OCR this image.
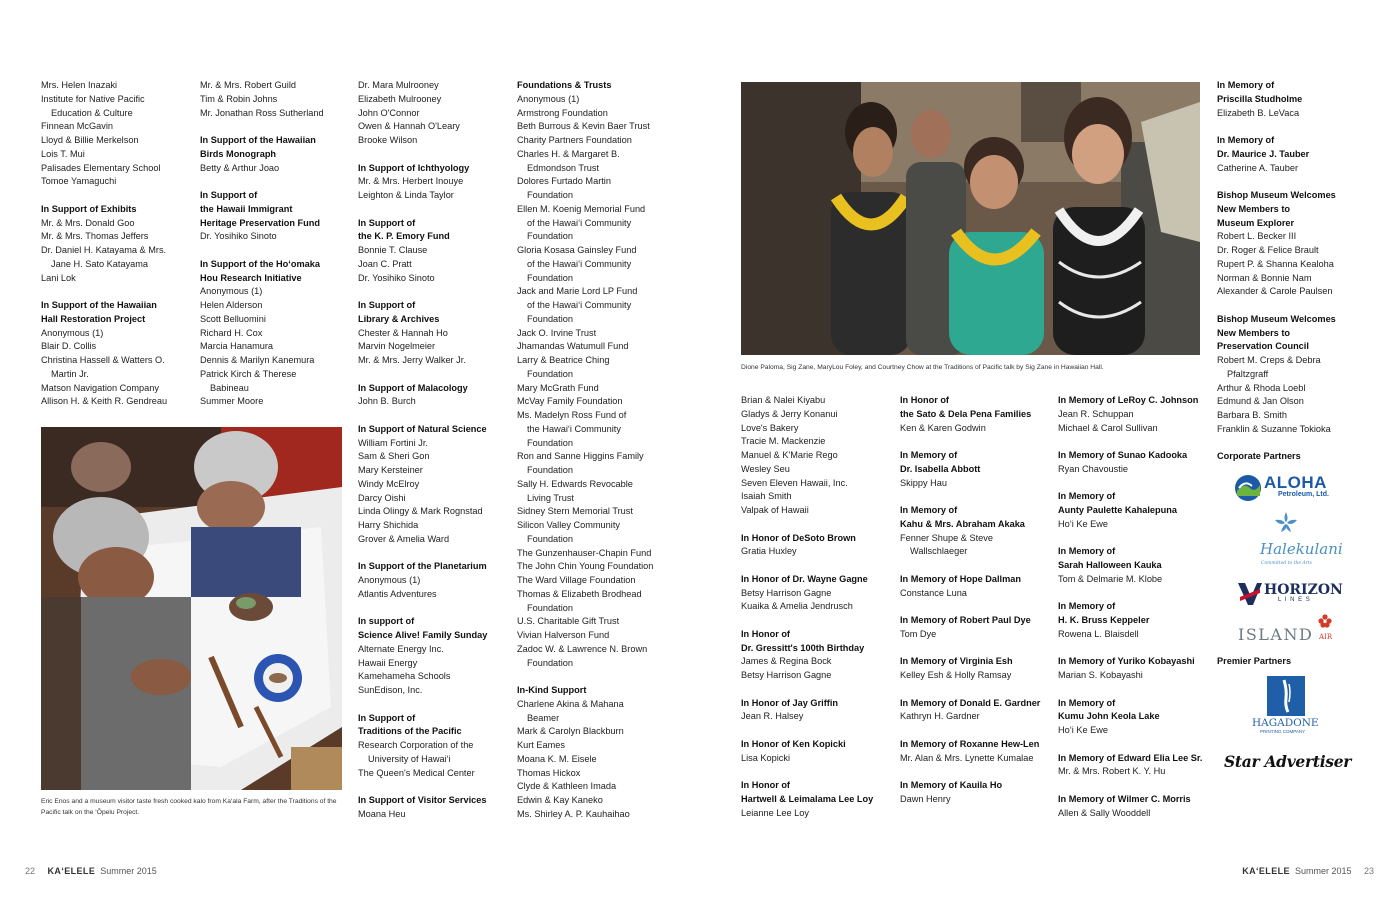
Mrs. Helen Inazaki
Institute for Native Pacific
Education & Culture
Finnean McGavin
Lloyd & Billie Merkelson
Lois T. Mui
Palisades Elementary School
Tomoe Yamaguchi
In Support of Exhibits
Mr. & Mrs. Donald Goo
Mr. & Mrs. Thomas Jeffers
Dr. Daniel H. Katayama & Mrs.
Jane H. Sato Katayama
Lani Lok
In Support of the Hawaiian
Hall Restoration Project
Anonymous (1)
Blair D. Collis
Christina Hassell & Watters O.
Martin Jr.
Matson Navigation Company
Allison H. & Keith R. Gendreau
Mr. & Mrs. Robert Guild
Tim & Robin Johns
Mr. Jonathan Ross Sutherland
In Support of the Hawaiian
Birds Monograph
Betty & Arthur Joao
In Support of
the Hawaii Immigrant
Heritage Preservation Fund
Dr. Yosihiko Sinoto
In Support of the Ho‘omaka
Hou Research Initiative
Anonymous (1)
Helen Alderson
Scott Belluomini
Richard H. Cox
Marcia Hanamura
Dennis & Marilyn Kanemura
Patrick Kirch & Therese
Babineau
Summer Moore
Dr. Mara Mulrooney
Elizabeth Mulrooney
John O'Connor
Owen & Hannah O'Leary
Brooke Wilson
In Support of Ichthyology
Mr. & Mrs. Herbert Inouye
Leighton & Linda Taylor
In Support of
the K. P. Emory Fund
Bonnie T. Clause
Joan C. Pratt
Dr. Yosihiko Sinoto
In Support of
Library & Archives
Chester & Hannah Ho
Marvin Nogelmeier
Mr. & Mrs. Jerry Walker Jr.
In Support of Malacology
John B. Burch
In Support of Natural Science
William Fortini Jr.
Sam & Sheri Gon
Mary Kersteiner
Windy McElroy
Darcy Oishi
Linda Olingy & Mark Rognstad
Harry Shichida
Grover & Amelia Ward
In Support of the Planetarium
Anonymous (1)
Atlantis Adventures
In support of
Science Alive! Family Sunday
Alternate Energy Inc.
Hawaii Energy
Kamehameha Schools
SunEdison, Inc.
In Support of
Traditions of the Pacific
Research Corporation of the
University of Hawai‘i
The Queen's Medical Center
In Support of Visitor Services
Moana Heu
Foundations & Trusts
Anonymous (1)
Armstrong Foundation
Beth Burrous & Kevin Baer Trust
Charity Partners Foundation
Charles H. & Margaret B.
Edmondson Trust
Dolores Furtado Martin
Foundation
Ellen M. Koenig Memorial Fund
of the Hawai‘i Community
Foundation
Gloria Kosasa Gainsley Fund
of the Hawai‘i Community
Foundation
Jack and Marie Lord LP Fund
of the Hawai‘i Community
Foundation
Jack O. Irvine Trust
Jhamandas Watumull Fund
Larry & Beatrice Ching
Foundation
Mary McGrath Fund
McVay Family Foundation
Ms. Madelyn Ross Fund of
the Hawai‘i Community
Foundation
Ron and Sanne Higgins Family
Foundation
Sally H. Edwards Revocable
Living Trust
Sidney Stern Memorial Trust
Silicon Valley Community
Foundation
The Gunzenhauser-Chapin Fund
The John Chin Young Foundation
The Ward Village Foundation
Thomas & Elizabeth Brodhead
Foundation
U.S. Charitable Gift Trust
Vivian Halverson Fund
Zadoc W. & Lawrence N. Brown
Foundation
In-Kind Support
Charlene Akina & Mahana
Beamer
Mark & Carolyn Blackburn
Kurt Eames
Moana K. M. Eisele
Thomas Hickox
Clyde & Kathleen Imada
Edwin & Kay Kaneko
Ms. Shirley A. P. Kauhaihao
Brian & Nalei Kiyabu
Gladys & Jerry Konanui
Love's Bakery
Tracie M. Mackenzie
Manuel & K'Marie Rego
Wesley Seu
Seven Eleven Hawaii, Inc.
Isaiah Smith
Valpak of Hawaii
In Honor of DeSoto Brown
Gratia Huxley
In Honor of Dr. Wayne Gagne
Betsy Harrison Gagne
Kuaika & Amelia Jendrusch
In Honor of
Dr. Gressitt's 100th Birthday
James & Regina Bock
Betsy Harrison Gagne
In Honor of Jay Griffin
Jean R. Halsey
In Honor of Ken Kopicki
Lisa Kopicki
In Honor of
Hartwell & Leimalama Lee Loy
Leianne Lee Loy
In Honor of
the Sato & Dela Pena Families
Ken & Karen Godwin
In Memory of
Dr. Isabella Abbott
Skippy Hau
In Memory of
Kahu & Mrs. Abraham Akaka
Fenner Shupe & Steve
Wallschlaeger
In Memory of Hope Dallman
Constance Luna
In Memory of Robert Paul Dye
Tom Dye
In Memory of Virginia Esh
Kelley Esh & Holly Ramsay
In Memory of Donald E. Gardner
Kathryn H. Gardner
In Memory of Roxanne Hew-Len
Mr. Alan & Mrs. Lynette Kumalae
In Memory of Kauila Ho
Dawn Henry
In Memory of LeRoy C. Johnson
Jean R. Schuppan
Michael & Carol Sullivan
In Memory of Sunao Kadooka
Ryan Chavoustie
In Memory of
Aunty Paulette Kahalepuna
Ho‘i Ke Ewe
In Memory of
Sarah Halloween Kauka
Tom & Delmarie M. Klobe
In Memory of
H. K. Bruss Keppeler
Rowena L. Blaisdell
In Memory of Yuriko Kobayashi
Marian S. Kobayashi
In Memory of
Kumu John Keola Lake
Ho‘i Ke Ewe
In Memory of Edward Elia Lee Sr.
Mr. & Mrs. Robert K. Y. Hu
In Memory of Wilmer C. Morris
Allen & Sally Wooddell
In Memory of
Priscilla Studholme
Elizabeth B. LeVaca
In Memory of
Dr. Maurice J. Tauber
Catherine A. Tauber
Bishop Museum Welcomes
New Members to
Museum Explorer
Robert L. Becker III
Dr. Roger & Felice Brault
Rupert P. & Shanna Kealoha
Norman & Bonnie Nam
Alexander & Carole Paulsen
Bishop Museum Welcomes
New Members to
Preservation Council
Robert M. Creps & Debra
Pfaltzgraff
Arthur & Rhoda Loebl
Edmund & Jan Olson
Barbara B. Smith
Franklin & Suzanne Tokioka
Corporate Partners
Eric Enos and a museum visitor taste fresh cooked kalo from Ka‘ala Farm, after the Traditions of the Pacific talk on the ‘Ōpelu Project.
Dione Paloma, Sig Zane, MaryLou Foley, and Courtney Chow at the Traditions of Pacific talk by Sig Zane in Hawaiian Hall.
ALOHA
Petroleum, Ltd.
Halekulani
Committed to the Arts
HORIZON
L I N E S
ISLAND AIR
Premier Partners
HAGADONE
PRINTING COMPANY
Star Advertiser
22 KA‘ELELE Summer 2015	KA‘ELELE Summer 2015 23
